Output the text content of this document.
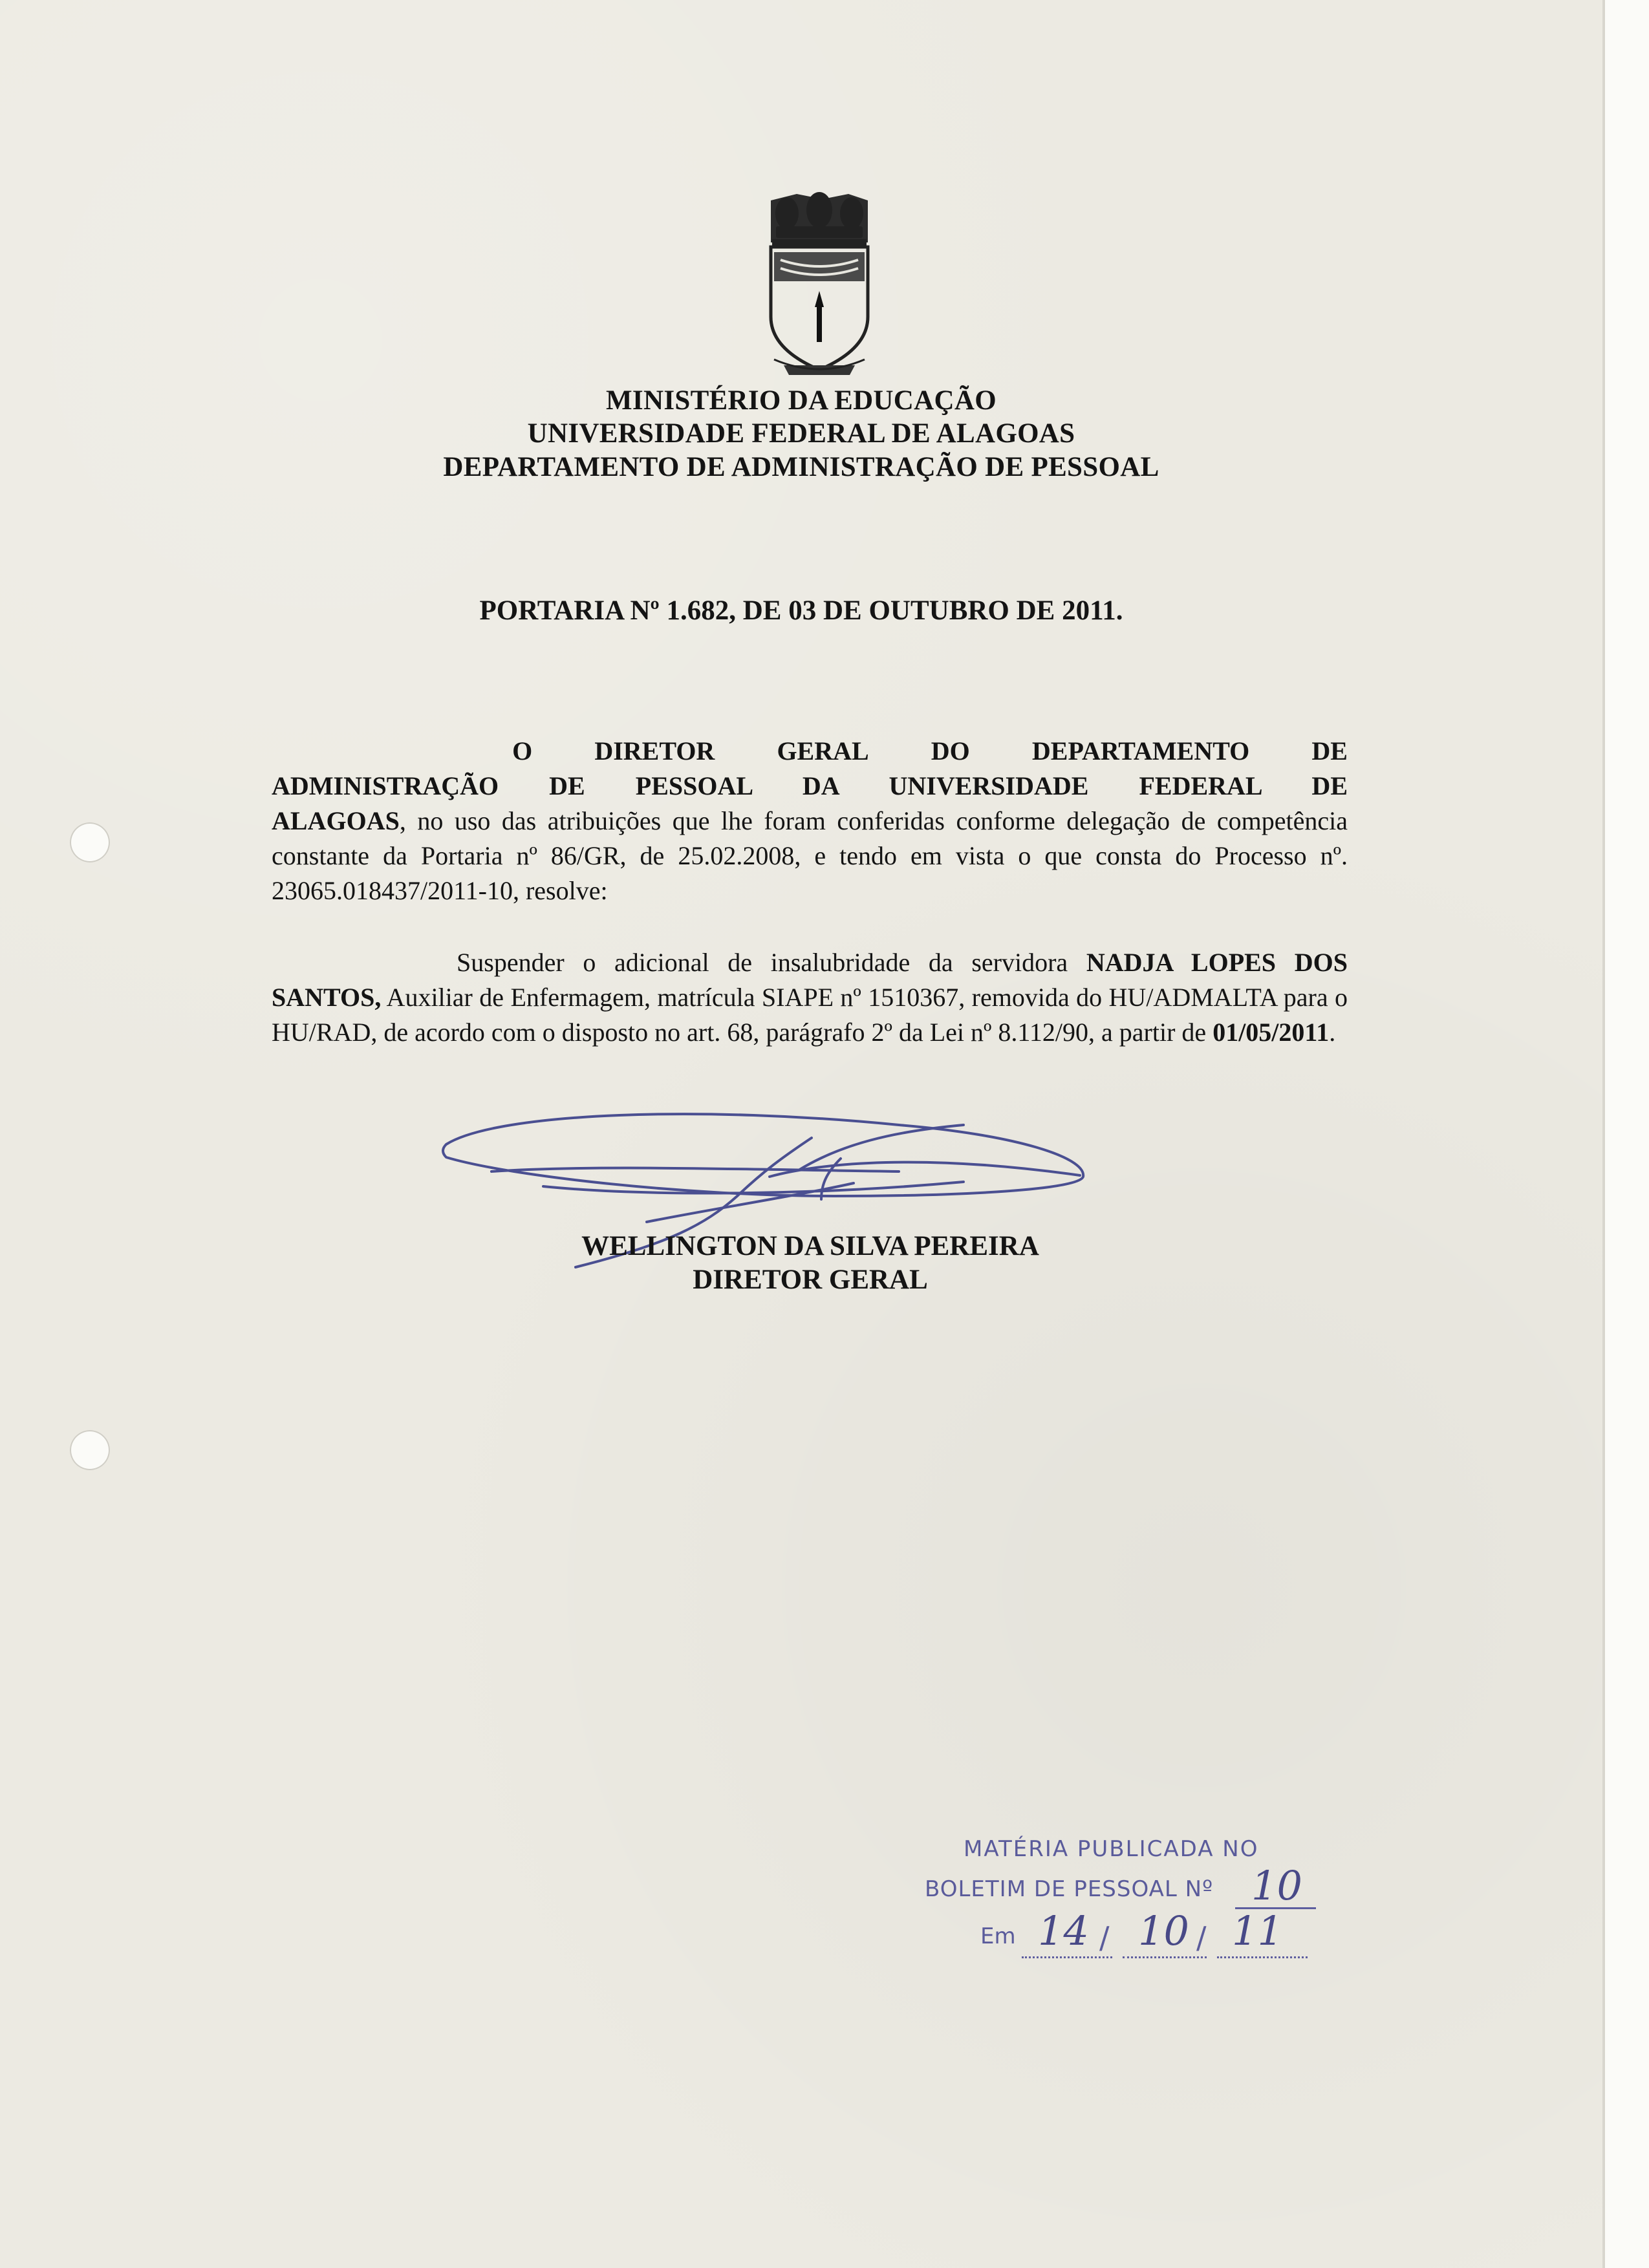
MINISTÉRIO DA EDUCAÇÃO
UNIVERSIDADE FEDERAL DE ALAGOAS
DEPARTAMENTO DE ADMINISTRAÇÃO DE PESSOAL
PORTARIA Nº 1.682, DE 03 DE OUTUBRO DE 2011.
O DIRETOR GERAL DO DEPARTAMENTO DE
ADMINISTRAÇÃO DE PESSOAL DA UNIVERSIDADE FEDERAL DE
ALAGOAS, no uso das atribuições que lhe foram conferidas conforme delegação de competência constante da Portaria nº 86/GR, de 25.02.2008, e tendo em vista o que consta do Processo nº. 23065.018437/2011-10, resolve:
Suspender o adicional de insalubridade da servidora NADJA LOPES DOS SANTOS, Auxiliar de Enfermagem, matrícula SIAPE nº 1510367, removida do HU/ADMALTA para o HU/RAD, de acordo com o disposto no art. 68, parágrafo 2º da Lei nº 8.112/90, a partir de 01/05/2011.
WELLINGTON DA SILVA PEREIRA
DIRETOR GERAL
MATÉRIA PUBLICADA NO
BOLETIM DE PESSOAL Nº 10
Em 14 / 10 / 11
